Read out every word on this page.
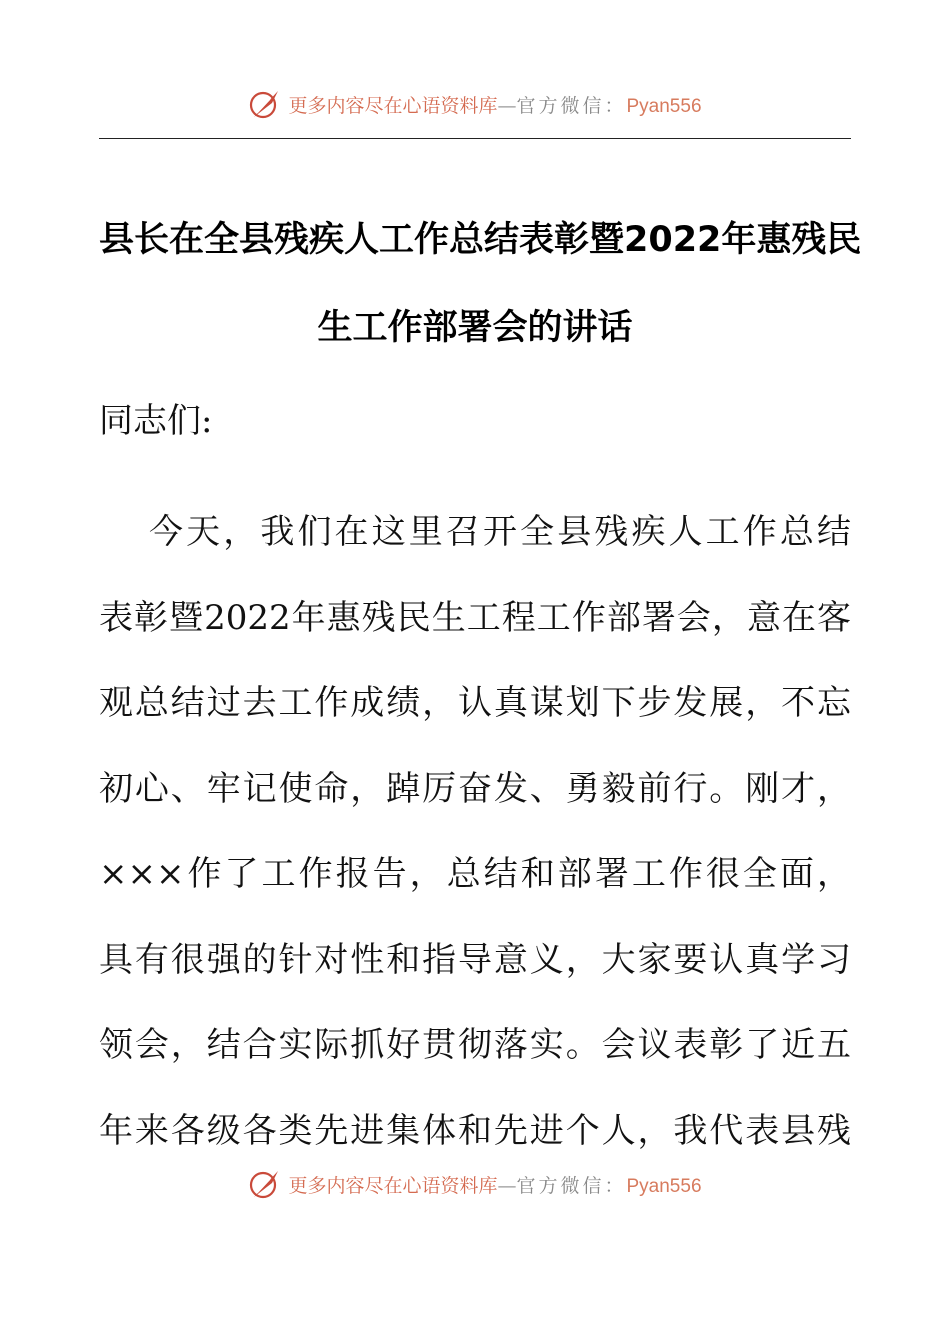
更多内容尽在心语资料库—官方微信：Pyan556
县长在全县残疾人工作总结表彰暨2022年惠残民
生工作部署会的讲话
同志们:
今天，我们在这里召开全县残疾人工作总结
表彰暨2022年惠残民生工程工作部署会，意在客
观总结过去工作成绩，认真谋划下步发展，不忘
初心、牢记使命，踔厉奋发、勇毅前行。刚才，
×××作了工作报告，总结和部署工作很全面，
具有很强的针对性和指导意义，大家要认真学习
领会，结合实际抓好贯彻落实。会议表彰了近五
年来各级各类先进集体和先进个人，我代表县残
更多内容尽在心语资料库—官方微信：Pyan556
